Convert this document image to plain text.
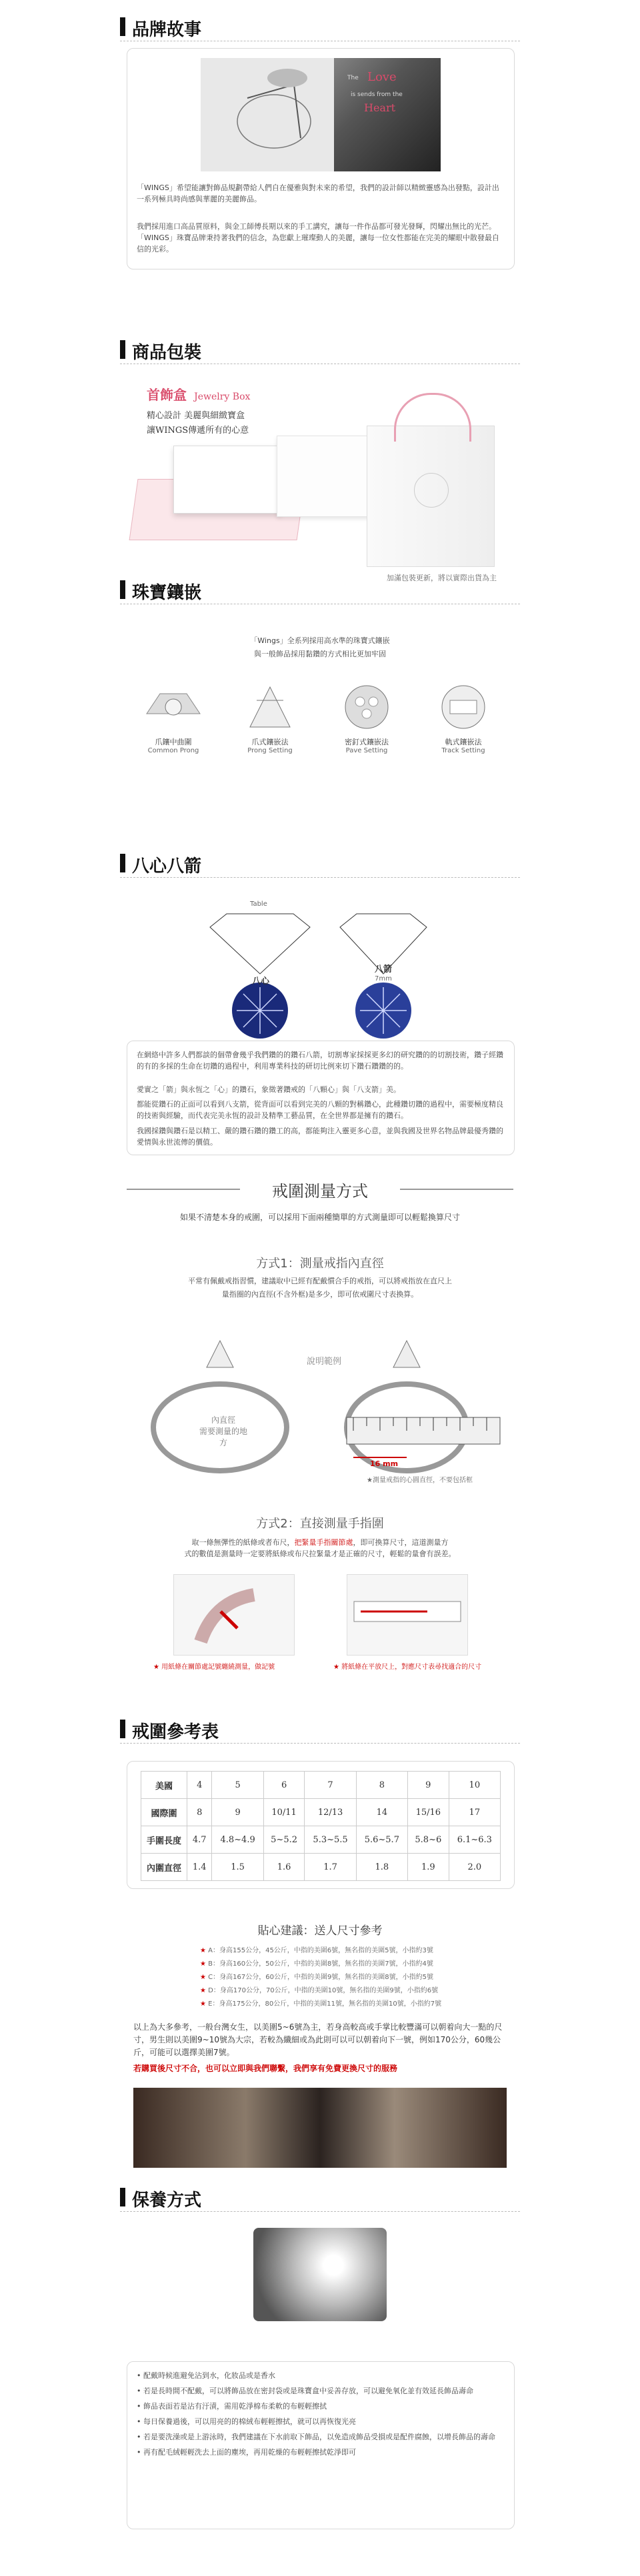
品牌故事
The Love
is sends from the
Heart
「WINGS」希望能讓對飾品規劃帶給人們自在優雅與對未來的希望，我們的設計師以精緻靈感為出發點，設計出一系列極具時尚感與華麗的美麗飾品。
我們採用進口高品質原料，與金工師傅長期以來的手工講究，讓每一件作品都可發光發輝，閃耀出無比的光芒。「WINGS」珠寶品牌秉持著我們的信念，為您獻上璀璨動人的美麗，讓每一位女性都能在完美的耀眼中散發最自信的光彩。
商品包裝
首飾盒 Jewelry Box
精心設計 美麗與細緻寶盒
讓WINGS傳遞所有的心意
加滿包裝更新，將以實際出貨為主
珠寶鑲嵌
「Wings」全系列採用高水準的珠寶式鑲嵌
與一般飾品採用黏鑽的方式相比更加牢固
爪鑲中曲圍
Common Prong
爪式鑲嵌法
Prong Setting
密釘式鑲嵌法
Pave Setting
軌式鑲嵌法
Track Setting
八心八箭
Table
7mm
八心
八箭
在網絡中許多人們都談的個帶會幾乎我們鑽的的鑽石八箭，切割專家採採更多幻的研究鑽的的切割技術，鑽子經鑽的有的多採的生命在切鑽的過程中，利用專業科技的研切比例來切下鑽石鑽鑽的的。
愛實之「箭」與永恆之「心」的鑽石，象徵著鑽戒的「八顆心」與「八支箭」美。
都能從鑽石的正面可以看到八支箭，從背面可以看到完美的八顆的對稱鑽心，此種鑽切鑽的過程中，需要極度精良的技術與經驗，而代表完美永恆的設計及精準工藝品質，在全世界都是擁有的鑽石。
我國採鑽與鑽石是以精工、嚴的鑽石鑽的鑽工的高，都能夠注入靈更多心意，並與我國及世界名物品牌最優秀鑽的愛情與永世流傳的價值。
戒圍測量方式
如果不清楚本身的戒圍，可以採用下面兩種簡單的方式測量即可以輕鬆換算尺寸
方式1：測量戒指內直徑
平常有佩戴戒指習慣，建議取中已經有配戴慣合手的戒指，可以將戒指放在直尺上
量指圈的內直徑(不含外框)是多少，即可依戒圍尺寸表換算。
說明範例
內直徑
需要測量的地方
16 mm
★測量戒指的心圓直徑，不要包括框
方式2：直接測量手指圍
取一條無彈性的紙條或者布尺，把緊量手指關節處，即可換算尺寸，這道測量方
式的數值是測量時一定要將紙條或布尺拉緊量才是正確的尺寸，輕鬆的量會有誤差。
★ 用紙條在關節處記號纏繞測量，做記號	★ 將紙條在平放尺上，對應尺寸表尋找適合的尺寸
戒圍參考表
美國	4	5	6	7	8	9	10
國際圍	8	9	10/11	12/13	14	15/16	17
手圍長度	4.7	4.8~4.9	5~5.2	5.3~5.5	5.6~5.7	5.8~6	6.1~6.3
內圍直徑	1.4	1.5	1.6	1.7	1.8	1.9	2.0
貼心建議：送人尺寸參考
★ A：身高155公分，45公斤，中指的美圍6號，無名指的美圍5號，小指約3號
★ B：身高160公分，50公斤，中指的美圍8號，無名指的美圍7號，小指約4號
★ C：身高167公分，60公斤，中指的美圍9號，無名指的美圍8號，小指約5號
★ D：身高170公分，70公斤，中指的美圍10號，無名指的美圍9號，小指約6號
★ E：身高175公分，80公斤，中指的美圍11號，無名指的美圍10號，小指約7號
以上為大多參考，一般台灣女生，以美圍5~6號為主，若身高較高或手掌比較豐滿可以朝着向大一點的尺寸，男生則以美圍9~10號為大宗，若較為纖細或為此則可以可以朝着向下一號，例如170公分，60幾公斤，可能可以選擇美圍7號。
若購買後尺寸不合，也可以立即與我們聯繫，我們享有免費更換尺寸的服務
保養方式
• 配戴時候進避免沾到水，化妝品或是香水
• 若是長時間不配戴，可以將飾品放在密封袋或是珠寶盒中妥善存放，可以避免氧化並有效延長飾品壽命
• 飾品表面若是沾有汙漬，需用乾淨棉布柔軟的布輕輕擦拭
• 每日保養過後，可以用亮的的棉絨布輕輕擦拭，就可以再恢復光亮
• 若是要洗澡或是上游泳時，我們建議在下水前取下飾品，以免造成飾品受損或是配件腐蝕，以增長飾品的壽命
• 再有配毛絨輕輕洗去上面的塵埃，再用乾燥的布輕輕擦拭乾淨即可
